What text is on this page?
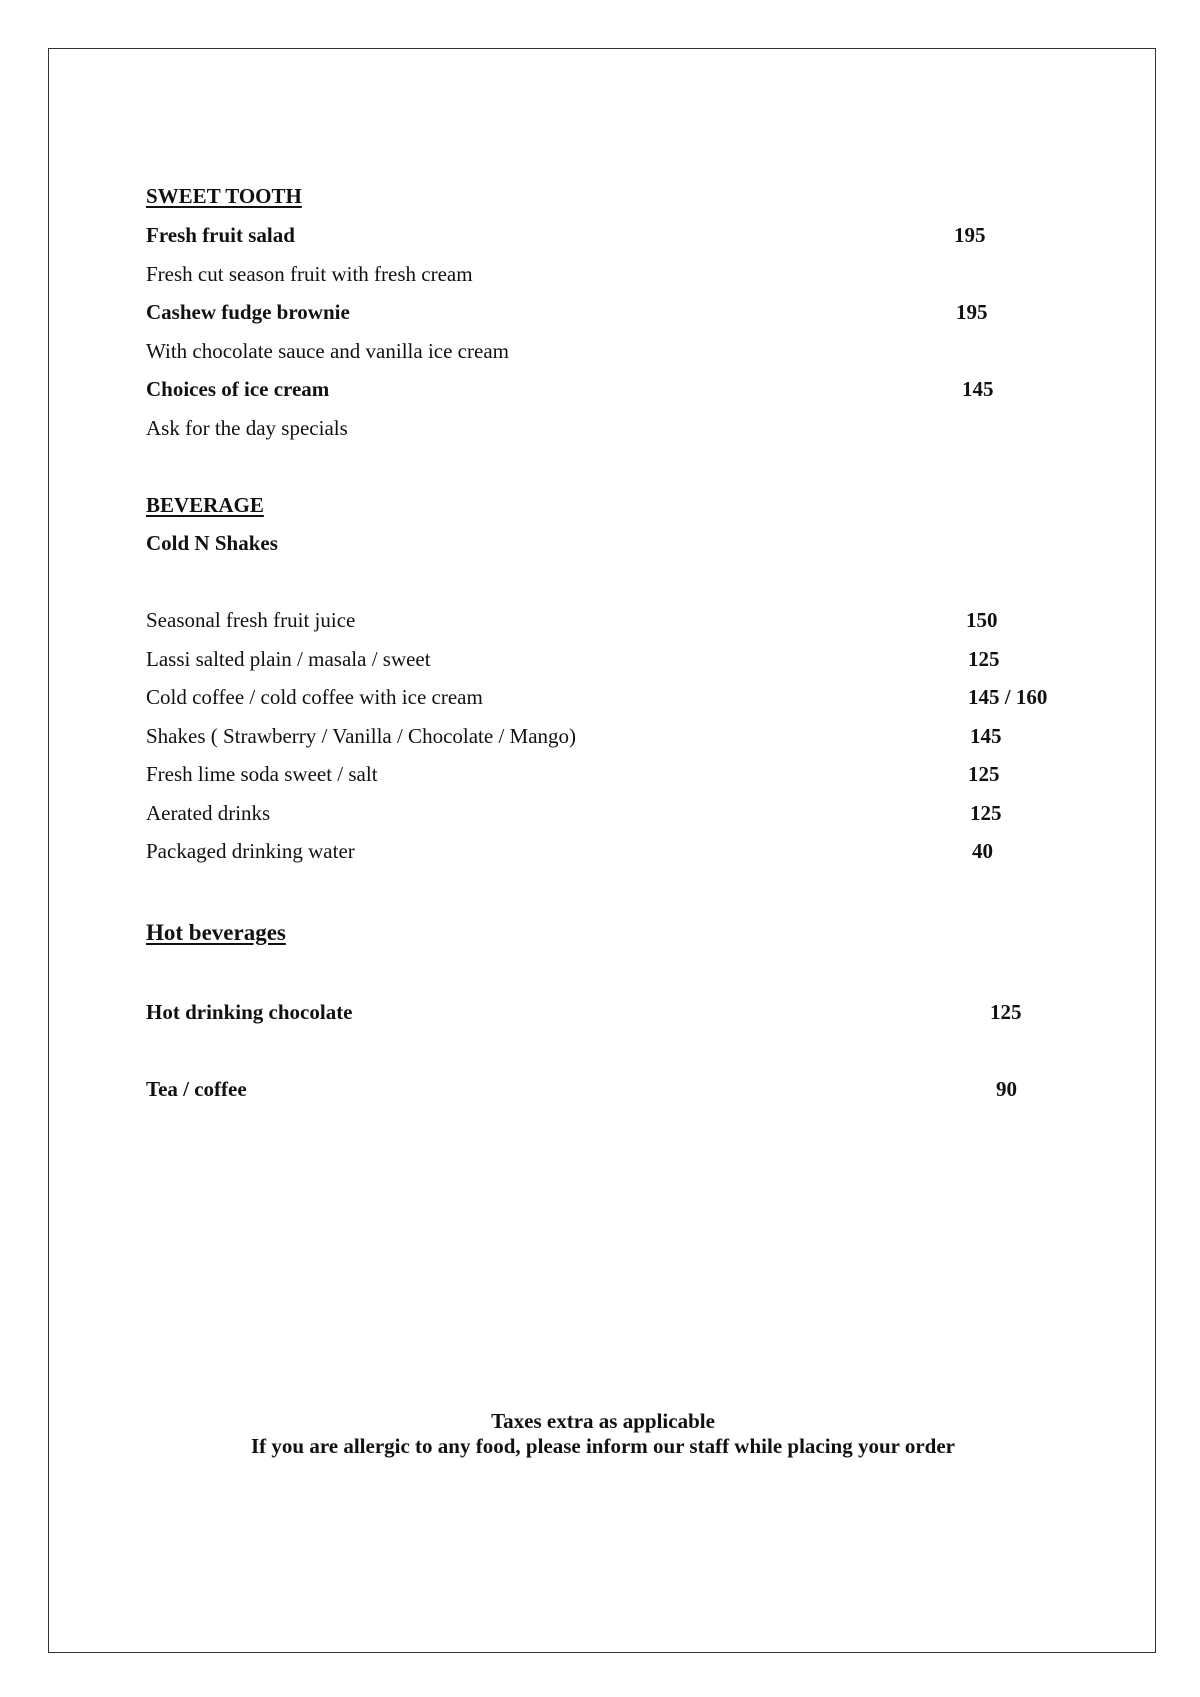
Taxes extra as applicable
If you are allergic to any food, please inform our staff while placing your order
SWEET TOOTH
Fresh fruit salad	195
Fresh cut season fruit with fresh cream
Cashew fudge brownie	195
With chocolate sauce and vanilla ice cream
Choices of ice cream	145
Ask for the day specials
BEVERAGE
Cold N Shakes
Seasonal fresh fruit juice	150
Lassi salted plain / masala / sweet	125
Cold coffee / cold coffee with ice cream	145 / 160
Shakes ( Strawberry / Vanilla / Chocolate / Mango)	145
Fresh lime soda sweet / salt	125
Aerated drinks	125
Packaged drinking water	40
Hot beverages
Hot drinking chocolate	125
Tea / coffee	90
